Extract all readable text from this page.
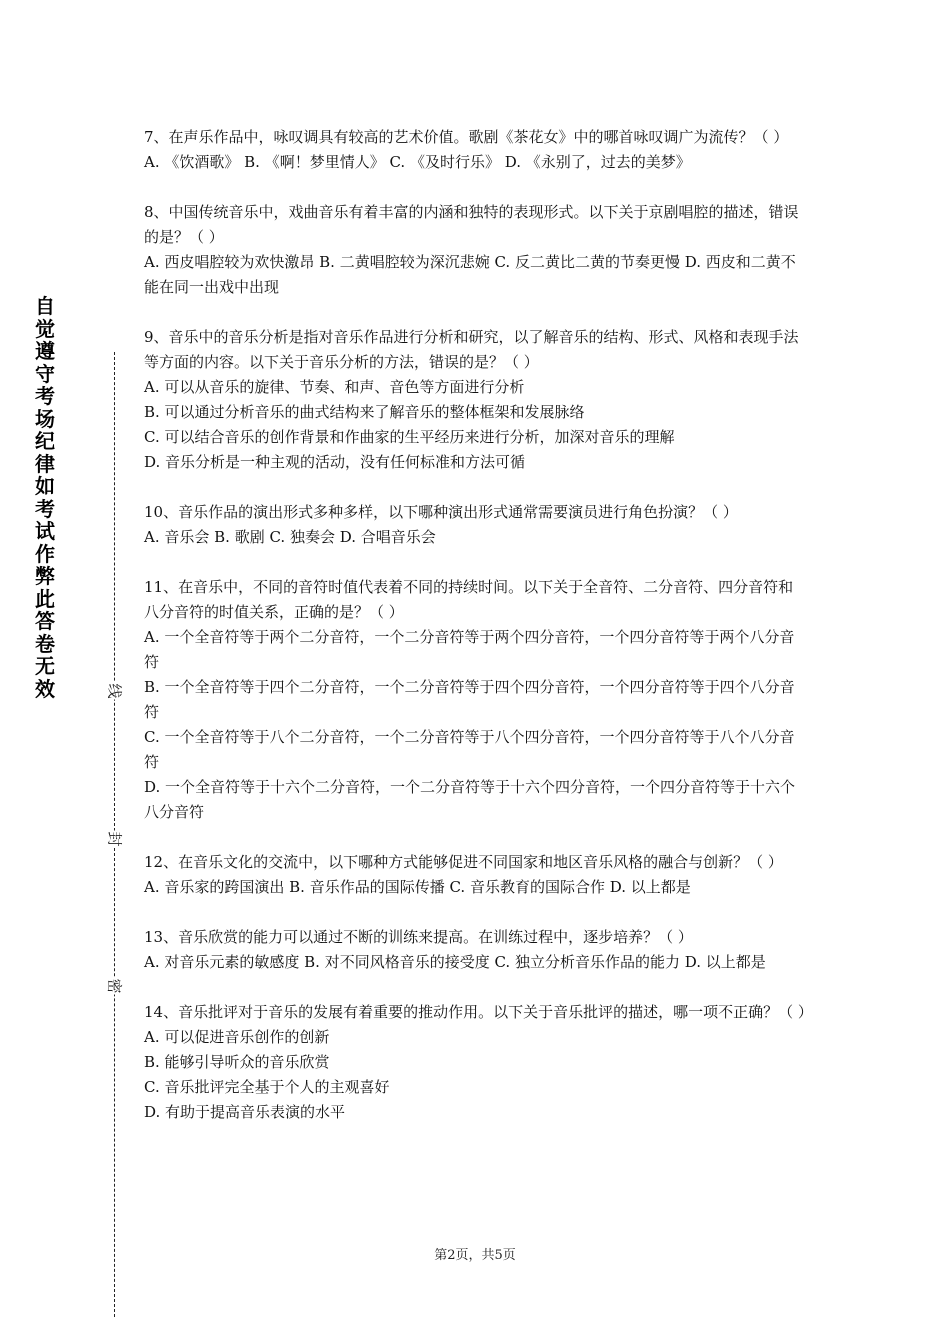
自觉遵守考场纪律如考试作弊此答卷无效	线
封
密

7、在声乐作品中，咏叹调具有较高的艺术价值。歌剧《茶花女》中的哪首咏叹调广为流传？（ ）

A. 《饮酒歌》 B. 《啊！梦里情人》 C. 《及时行乐》 D. 《永别了，过去的美梦》

8、中国传统音乐中，戏曲音乐有着丰富的内涵和独特的表现形式。以下关于京剧唱腔的描述，错误的是？（ ）

A. 西皮唱腔较为欢快激昂 B. 二黄唱腔较为深沉悲婉 C. 反二黄比二黄的节奏更慢 D. 西皮和二黄不能在同一出戏中出现

9、音乐中的音乐分析是指对音乐作品进行分析和研究，以了解音乐的结构、形式、风格和表现手法等方面的内容。以下关于音乐分析的方法，错误的是？（ ）

A. 可以从音乐的旋律、节奏、和声、音色等方面进行分析

B. 可以通过分析音乐的曲式结构来了解音乐的整体框架和发展脉络

C. 可以结合音乐的创作背景和作曲家的生平经历来进行分析，加深对音乐的理解

D. 音乐分析是一种主观的活动，没有任何标准和方法可循

10、音乐作品的演出形式多种多样，以下哪种演出形式通常需要演员进行角色扮演？（ ）

A. 音乐会 B. 歌剧 C. 独奏会 D. 合唱音乐会

11、在音乐中，不同的音符时值代表着不同的持续时间。以下关于全音符、二分音符、四分音符和八分音符的时值关系，正确的是？（ ）

A. 一个全音符等于两个二分音符，一个二分音符等于两个四分音符，一个四分音符等于两个八分音符

B. 一个全音符等于四个二分音符，一个二分音符等于四个四分音符，一个四分音符等于四个八分音符

C. 一个全音符等于八个二分音符，一个二分音符等于八个四分音符，一个四分音符等于八个八分音符

D. 一个全音符等于十六个二分音符，一个二分音符等于十六个四分音符，一个四分音符等于十六个八分音符

12、在音乐文化的交流中，以下哪种方式能够促进不同国家和地区音乐风格的融合与创新？（ ）

A. 音乐家的跨国演出 B. 音乐作品的国际传播 C. 音乐教育的国际合作 D. 以上都是

13、音乐欣赏的能力可以通过不断的训练来提高。在训练过程中，逐步培养？（ ）

A. 对音乐元素的敏感度 B. 对不同风格音乐的接受度 C. 独立分析音乐作品的能力 D. 以上都是

14、音乐批评对于音乐的发展有着重要的推动作用。以下关于音乐批评的描述，哪一项不正确？（ ）

A. 可以促进音乐创作的创新

B. 能够引导听众的音乐欣赏

C. 音乐批评完全基于个人的主观喜好

D. 有助于提高音乐表演的水平

第2页，共5页
